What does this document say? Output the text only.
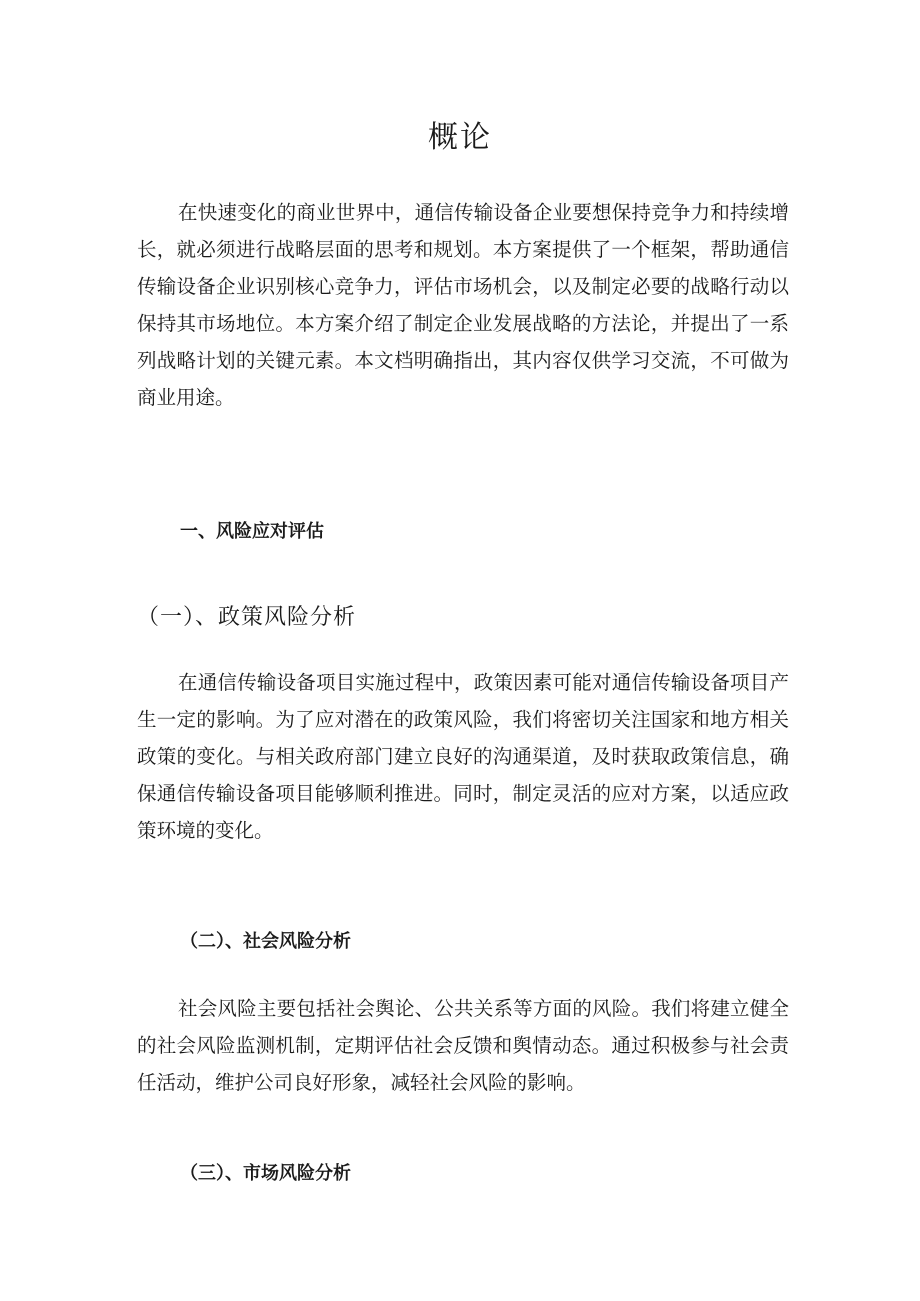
概论

在快速变化的商业世界中，通信传输设备企业要想保持竞争力和持续增长，就必须进行战略层面的思考和规划。本方案提供了一个框架，帮助通信传输设备企业识别核心竞争力，评估市场机会，以及制定必要的战略行动以保持其市场地位。本方案介绍了制定企业发展战略的方法论，并提出了一系列战略计划的关键元素。本文档明确指出，其内容仅供学习交流，不可做为商业用途。

一、风险应对评估
（一）、政策风险分析

在通信传输设备项目实施过程中，政策因素可能对通信传输设备项目产生一定的影响。为了应对潜在的政策风险，我们将密切关注国家和地方相关政策的变化。与相关政府部门建立良好的沟通渠道，及时获取政策信息，确保通信传输设备项目能够顺利推进。同时，制定灵活的应对方案，以适应政策环境的变化。

（二）、社会风险分析

社会风险主要包括社会舆论、公共关系等方面的风险。我们将建立健全的社会风险监测机制，定期评估社会反馈和舆情动态。通过积极参与社会责任活动，维护公司良好形象，减轻社会风险的影响。

（三）、市场风险分析
